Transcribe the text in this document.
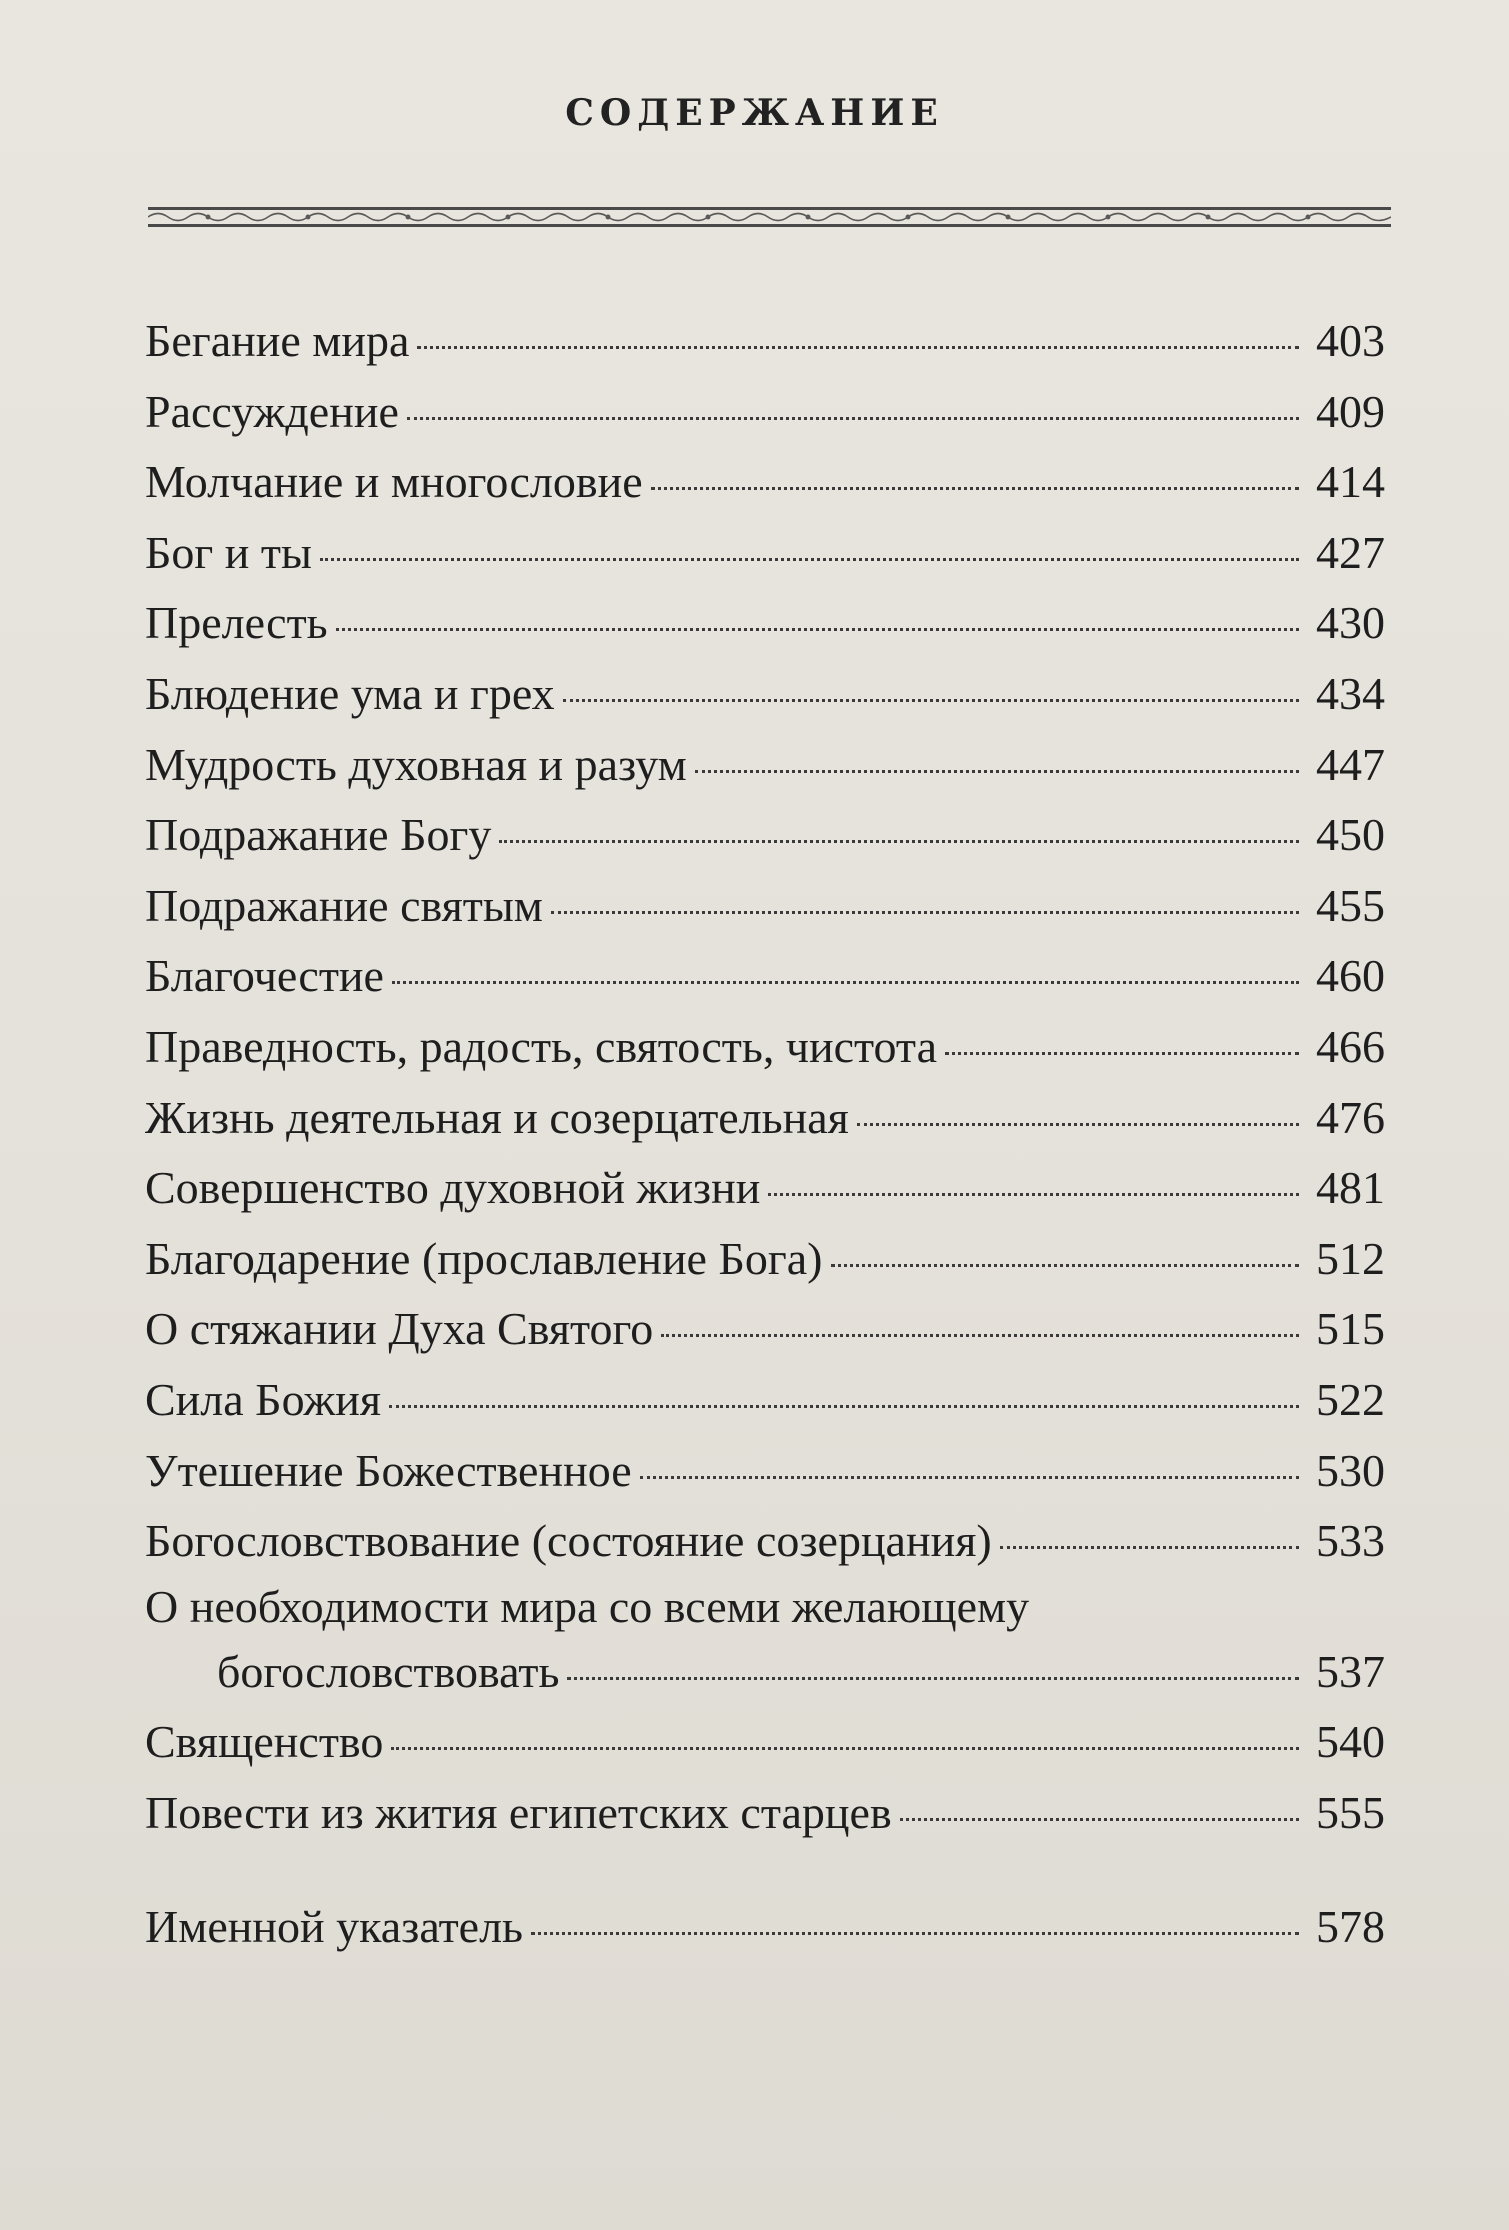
СОДЕРЖАНИЕ
Бегание мира	403
Рассуждение	409
Молчание и многословие	414
Бог и ты	427
Прелесть	430
Блюдение ума и грех	434
Мудрость духовная и разум	447
Подражание Богу	450
Подражание святым	455
Благочестие	460
Праведность, радость, святость, чистота	466
Жизнь деятельная и созерцательная	476
Совершенство духовной жизни	481
Благодарение (прославление Бога)	512
О стяжании Духа Святого	515
Сила Божия	522
Утешение Божественное	530
Богословствование (состояние созерцания)	533
О необходимости мира со всеми желающему
богословствовать	537
Священство	540
Повести из жития египетских старцев	555
Именной указатель	578
